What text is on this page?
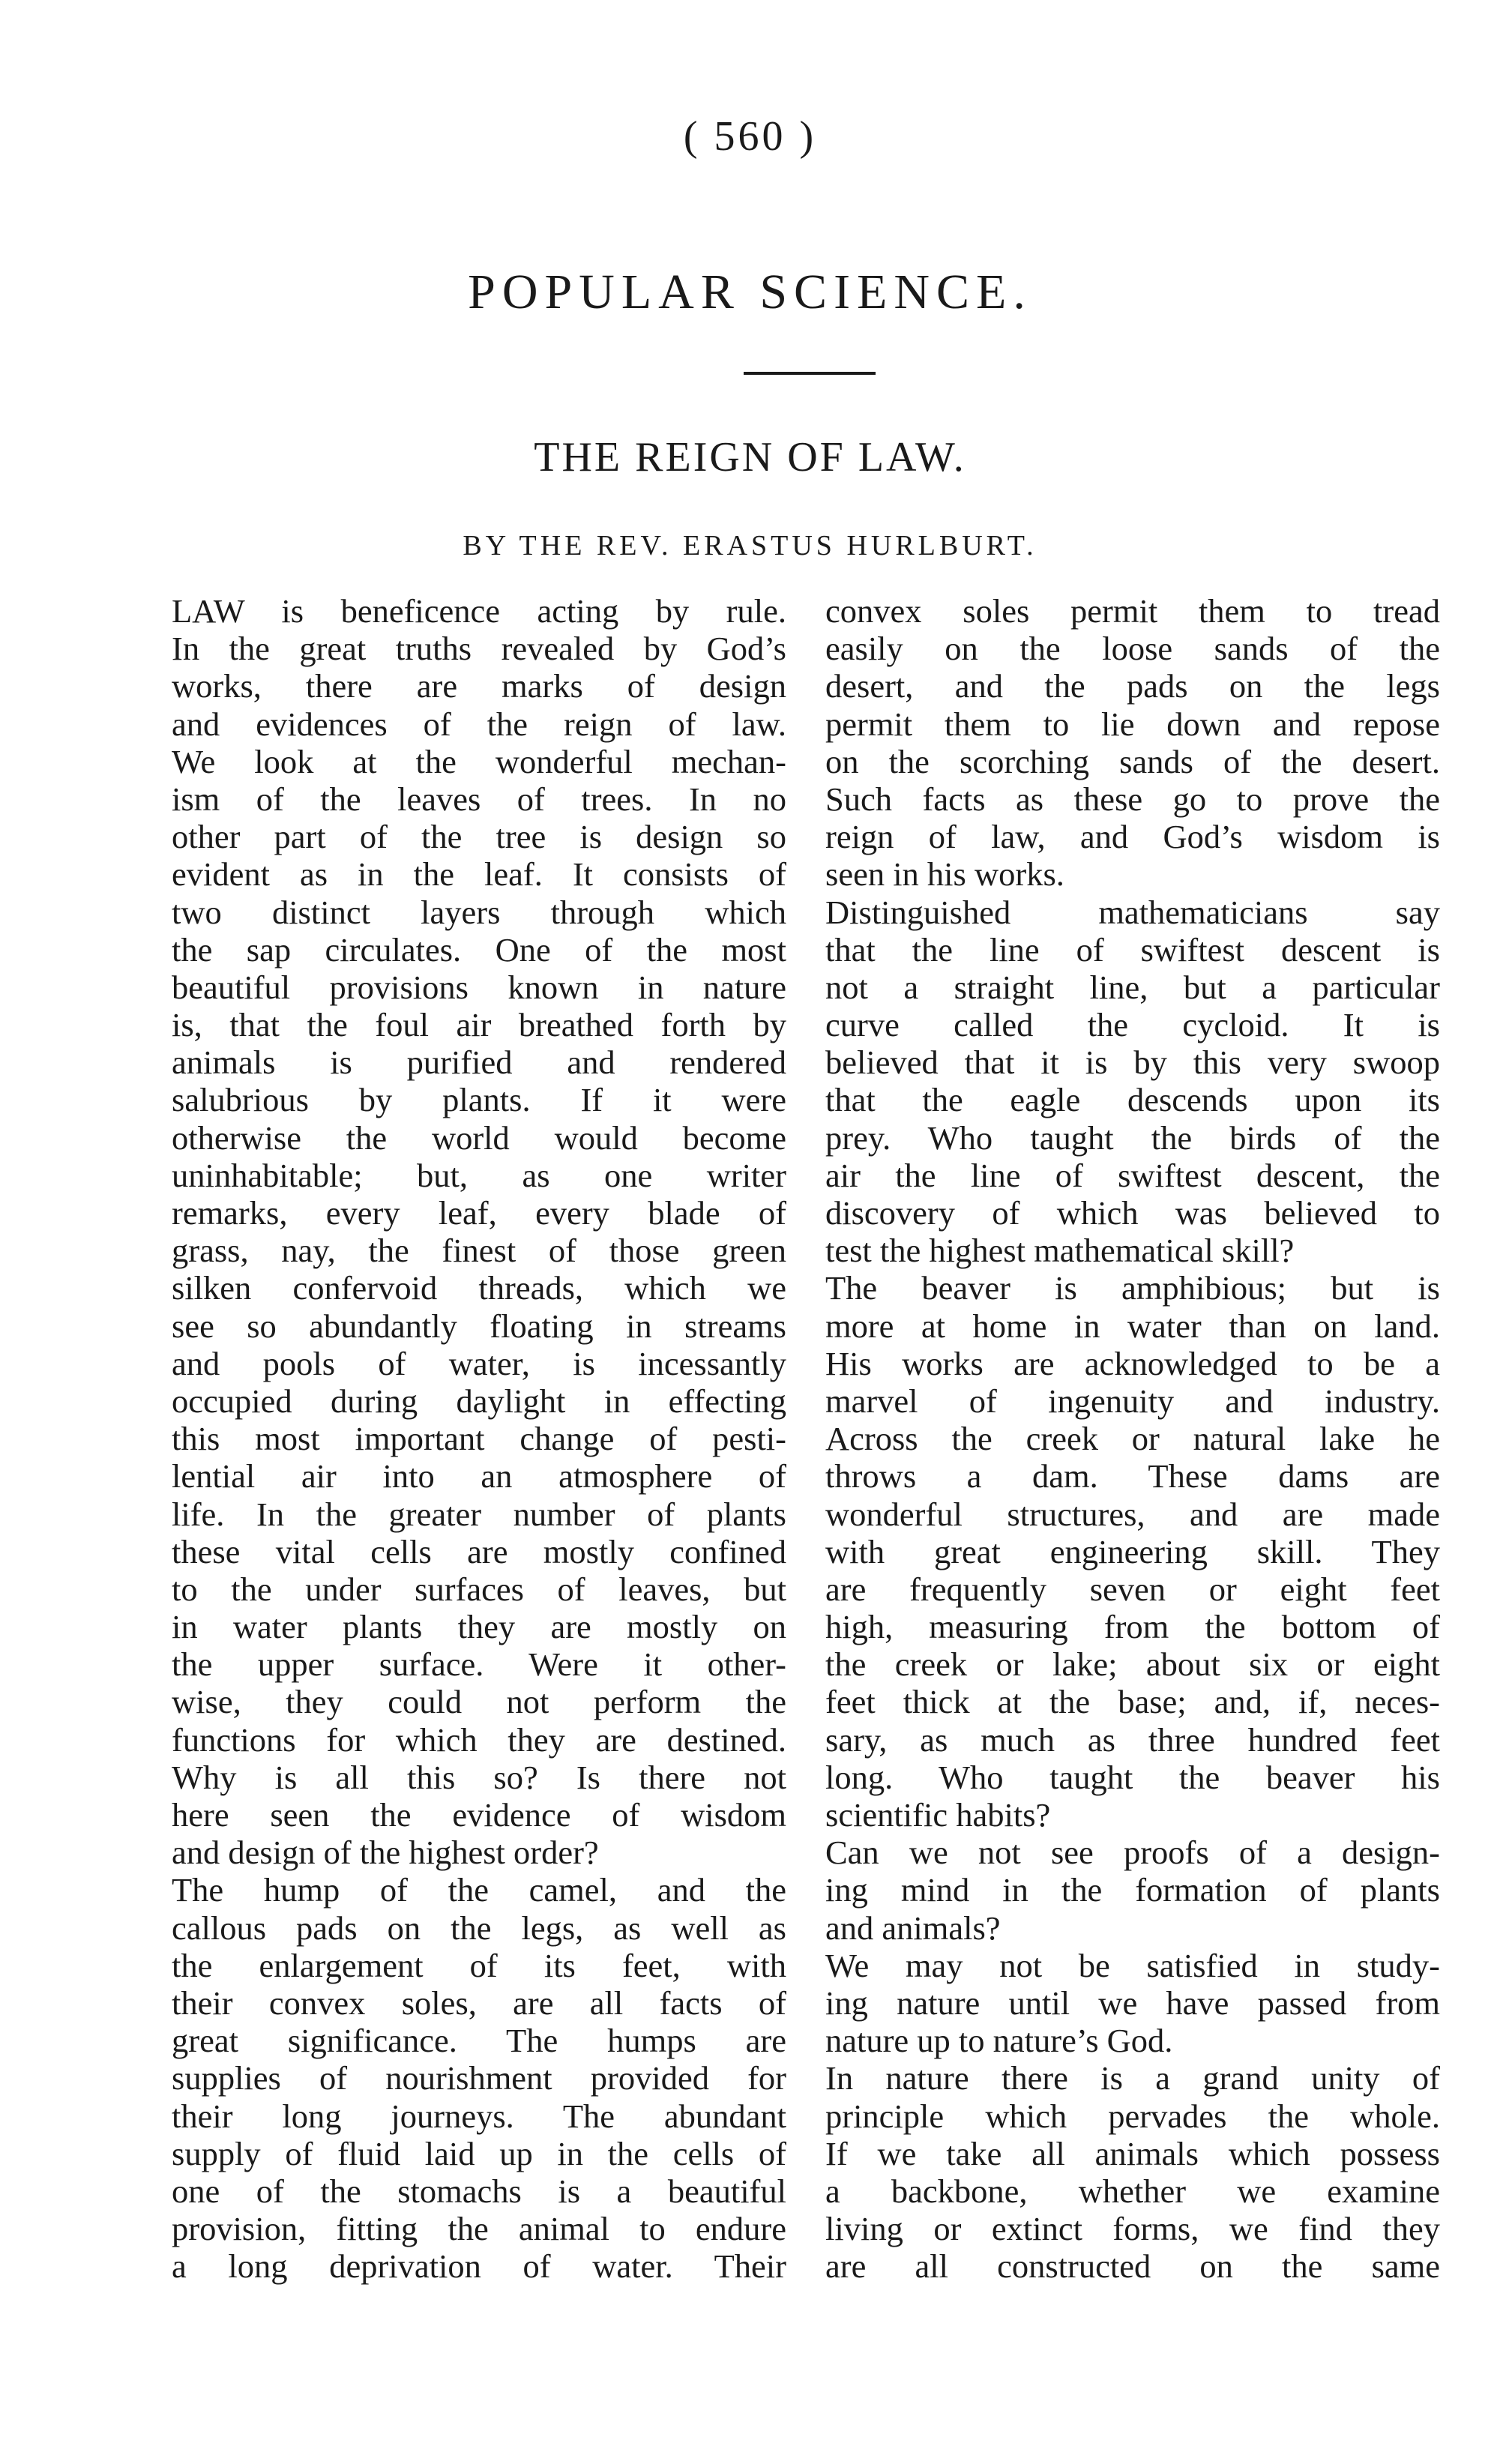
( 560 )
POPULAR SCIENCE.
THE REIGN OF LAW.
BY THE REV. ERASTUS HURLBURT.
LAW is beneficence acting by rule.
In the great truths revealed by God’s
works, there are marks of design
and evidences of the reign of law.
We look at the wonderful mechan-
ism of the leaves of trees. In no
other part of the tree is design so
evident as in the leaf. It consists of
two distinct layers through which
the sap circulates. One of the most
beautiful provisions known in nature
is, that the foul air breathed forth by
animals is purified and rendered
salubrious by plants. If it were
otherwise the world would become
uninhabitable; but, as one writer
remarks, every leaf, every blade of
grass, nay, the finest of those green
silken confervoid threads, which we
see so abundantly floating in streams
and pools of water, is incessantly
occupied during daylight in effecting
this most important change of pesti-
lential air into an atmosphere of
life. In the greater number of plants
these vital cells are mostly confined
to the under surfaces of leaves, but
in water plants they are mostly on
the upper surface. Were it other-
wise, they could not perform the
functions for which they are destined.
Why is all this so? Is there not
here seen the evidence of wisdom
and design of the highest order?
The hump of the camel, and the
callous pads on the legs, as well as
the enlargement of its feet, with
their convex soles, are all facts of
great significance. The humps are
supplies of nourishment provided for
their long journeys. The abundant
supply of fluid laid up in the cells of
one of the stomachs is a beautiful
provision, fitting the animal to endure
a long deprivation of water. Their
convex soles permit them to tread
easily on the loose sands of the
desert, and the pads on the legs
permit them to lie down and repose
on the scorching sands of the desert.
Such facts as these go to prove the
reign of law, and God’s wisdom is
seen in his works.
Distinguished mathematicians say
that the line of swiftest descent is
not a straight line, but a particular
curve called the cycloid. It is
believed that it is by this very swoop
that the eagle descends upon its
prey. Who taught the birds of the
air the line of swiftest descent, the
discovery of which was believed to
test the highest mathematical skill?
The beaver is amphibious; but is
more at home in water than on land.
His works are acknowledged to be a
marvel of ingenuity and industry.
Across the creek or natural lake he
throws a dam. These dams are
wonderful structures, and are made
with great engineering skill. They
are frequently seven or eight feet
high, measuring from the bottom of
the creek or lake; about six or eight
feet thick at the base; and, if, neces-
sary, as much as three hundred feet
long. Who taught the beaver his
scientific habits?
Can we not see proofs of a design-
ing mind in the formation of plants
and animals?
We may not be satisfied in study-
ing nature until we have passed from
nature up to nature’s God.
In nature there is a grand unity of
principle which pervades the whole.
If we take all animals which possess
a backbone, whether we examine
living or extinct forms, we find they
are all constructed on the same
